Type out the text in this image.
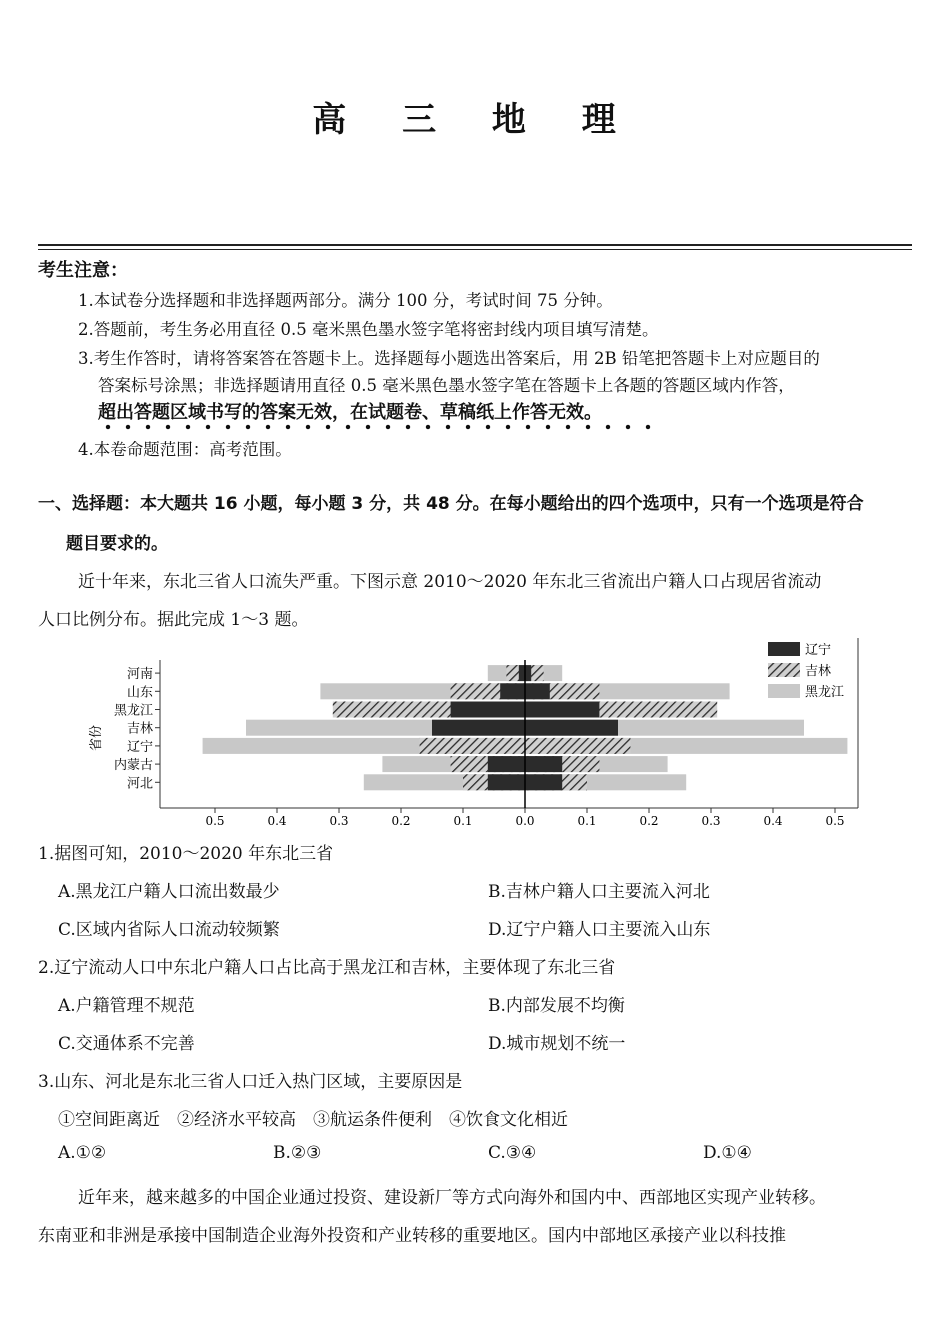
高 三 地 理
考生注意：
1.本试卷分选择题和非选择题两部分。满分 100 分，考试时间 75 分钟。
2.答题前，考生务必用直径 0.5 毫米黑色墨水签字笔将密封线内项目填写清楚。
3.考生作答时，请将答案答在答题卡上。选择题每小题选出答案后，用 2B 铅笔把答题卡上对应题目的
答案标号涂黑；非选择题请用直径 0.5 毫米黑色墨水签字笔在答题卡上各题的答题区域内作答，
超出答题区域书写的答案无效，在试题卷、草稿纸上作答无效。
4.本卷命题范围：高考范围。
一、选择题：本大题共 16 小题，每小题 3 分，共 48 分。在每小题给出的四个选项中，只有一个选项是符合
题目要求的。
近十年来，东北三省人口流失严重。下图示意 2010～2020 年东北三省流出户籍人口占现居省流动
人口比例分布。据此完成 1～3 题。
河南
山东
黑龙江
吉林
辽宁
内蒙古
河北
0.5	0.4	0.3	0.2	0.1	0.0	0.1	0.2	0.3	0.4	0.5
省份
辽宁
吉林
黑龙江
1.据图可知，2010～2020 年东北三省
A.黑龙江户籍人口流出数最少	B.吉林户籍人口主要流入河北
C.区域内省际人口流动较频繁	D.辽宁户籍人口主要流入山东
2.辽宁流动人口中东北户籍人口占比高于黑龙江和吉林，主要体现了东北三省
A.户籍管理不规范	B.内部发展不均衡
C.交通体系不完善	D.城市规划不统一
3.山东、河北是东北三省人口迁入热门区域，主要原因是
①空间距离近　②经济水平较高　③航运条件便利　④饮食文化相近
A.①②	B.②③	C.③④	D.①④
近年来，越来越多的中国企业通过投资、建设新厂等方式向海外和国内中、西部地区实现产业转移。
东南亚和非洲是承接中国制造企业海外投资和产业转移的重要地区。国内中部地区承接产业以科技推
